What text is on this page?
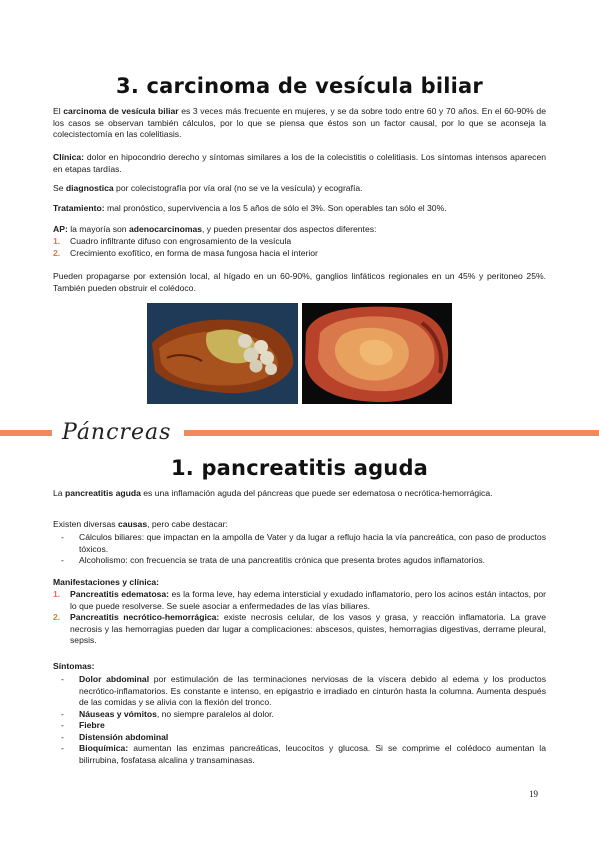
3. carcinoma de vesícula biliar

El carcinoma de vesícula biliar es 3 veces más frecuente en mujeres, y se da sobre todo entre 60 y 70 años. En el 60-90% de los casos se observan también cálculos, por lo que se piensa que éstos son un factor causal, por lo que se aconseja la colecistectomía en las colelitiasis.

Clínica: dolor en hipocondrio derecho y síntomas similares a los de la colecistitis o colelitiasis. Los síntomas intensos aparecen en etapas tardías.

Se diagnostica por colecistografía por vía oral (no se ve la vesícula) y ecografía.

Tratamiento: mal pronóstico, supervivencia a los 5 años de sólo el 3%. Son operables tan sólo el 30%.

AP: la mayoría son adenocarcinomas, y pueden presentar dos aspectos diferentes:

1. Cuadro infiltrante difuso con engrosamiento de la vesícula
2. Crecimiento exofítico, en forma de masa fungosa hacia el interior

Pueden propagarse por extensión local, al hígado en un 60-90%, ganglios linfáticos regionales en un 45% y peritoneo 25%. También pueden obstruir el colédoco.

Páncreas
1. pancreatitis aguda

La pancreatitis aguda es una inflamación aguda del páncreas que puede ser edematosa o necrótica-hemorrágica.

Existen diversas causas, pero cabe destacar:

- Cálculos biliares: que impactan en la ampolla de Vater y da lugar a reflujo hacia la vía pancreática, con paso de productos tóxicos.
- Alcoholismo: con frecuencia se trata de una pancreatitis crónica que presenta brotes agudos inflamatorios.

Manifestaciones y clínica:

1. Pancreatitis edematosa: es la forma leve, hay edema intersticial y exudado inflamatorio, pero los acinos están intactos, por lo que puede resolverse. Se suele asociar a enfermedades de las vías biliares.
2. Pancreatitis necrótico-hemorrágica: existe necrosis celular, de los vasos y grasa, y reacción inflamatoria. La grave necrosis y las hemorragias pueden dar lugar a complicaciones: abscesos, quistes, hemorragias digestivas, derrame pleural, sepsis.

Síntomas:

- Dolor abdominal por estimulación de las terminaciones nerviosas de la víscera debido al edema y los productos necrótico-inflamatorios. Es constante e intenso, en epigastrio e irradiado en cinturón hasta la columna. Aumenta después de las comidas y se alivia con la flexión del tronco.
- Náuseas y vómitos, no siempre paralelos al dolor.
- Fiebre
- Distensión abdominal
- Bioquímica: aumentan las enzimas pancreáticas, leucocitos y glucosa. Si se comprime el colédoco aumentan la bilirrubina, fosfatasa alcalina y transaminasas.
19
